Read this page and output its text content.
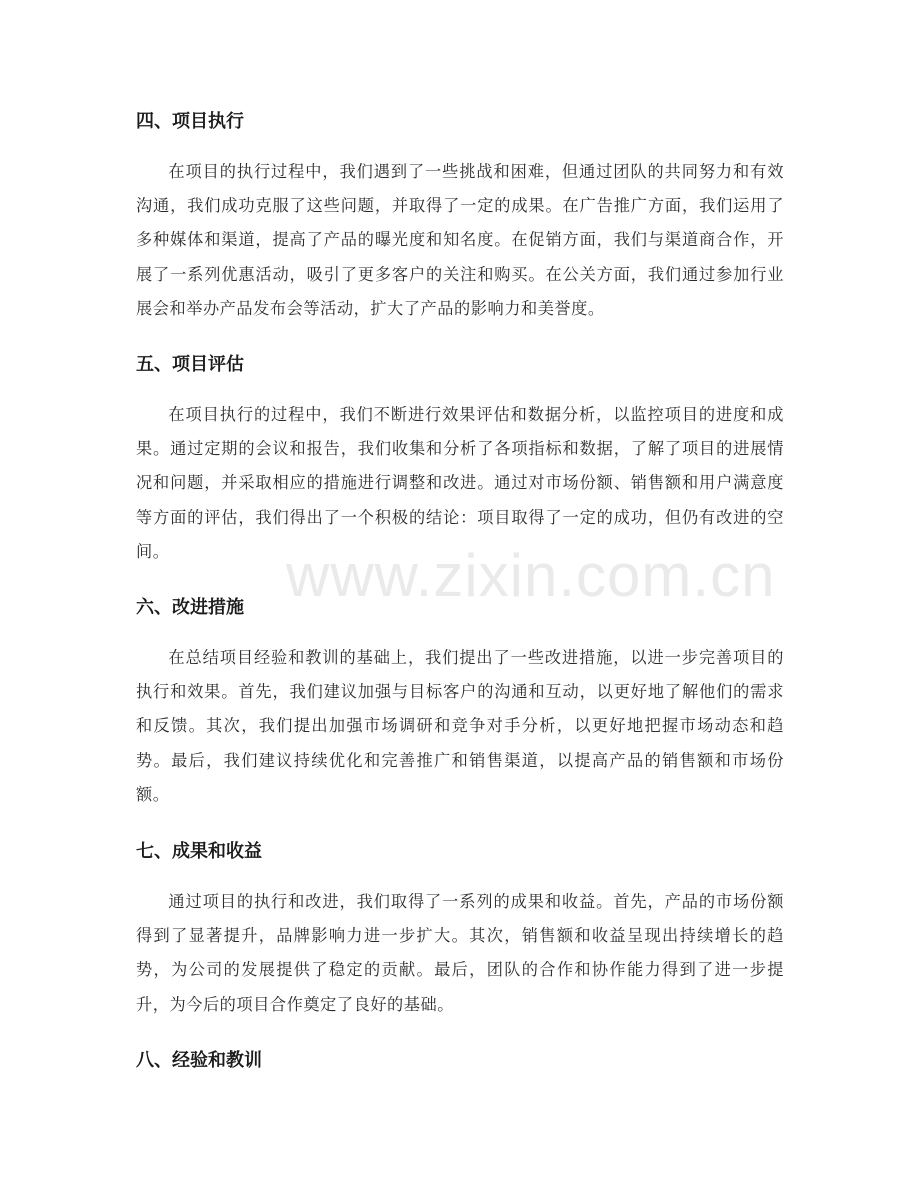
四、项目执行

在项目的执行过程中，我们遇到了一些挑战和困难，但通过团队的共同努力和有效沟通，我们成功克服了这些问题，并取得了一定的成果。在广告推广方面，我们运用了多种媒体和渠道，提高了产品的曝光度和知名度。在促销方面，我们与渠道商合作，开展了一系列优惠活动，吸引了更多客户的关注和购买。在公关方面，我们通过参加行业展会和举办产品发布会等活动，扩大了产品的影响力和美誉度。

五、项目评估

在项目执行的过程中，我们不断进行效果评估和数据分析，以监控项目的进度和成果。通过定期的会议和报告，我们收集和分析了各项指标和数据，了解了项目的进展情况和问题，并采取相应的措施进行调整和改进。通过对市场份额、销售额和用户满意度等方面的评估，我们得出了一个积极的结论：项目取得了一定的成功，但仍有改进的空间。

六、改进措施

在总结项目经验和教训的基础上，我们提出了一些改进措施，以进一步完善项目的执行和效果。首先，我们建议加强与目标客户的沟通和互动，以更好地了解他们的需求和反馈。其次，我们提出加强市场调研和竞争对手分析，以更好地把握市场动态和趋势。最后，我们建议持续优化和完善推广和销售渠道，以提高产品的销售额和市场份额。

七、成果和收益

通过项目的执行和改进，我们取得了一系列的成果和收益。首先，产品的市场份额得到了显著提升，品牌影响力进一步扩大。其次，销售额和收益呈现出持续增长的趋势，为公司的发展提供了稳定的贡献。最后，团队的合作和协作能力得到了进一步提升，为今后的项目合作奠定了良好的基础。

八、经验和教训
www.zixin.com.cn
